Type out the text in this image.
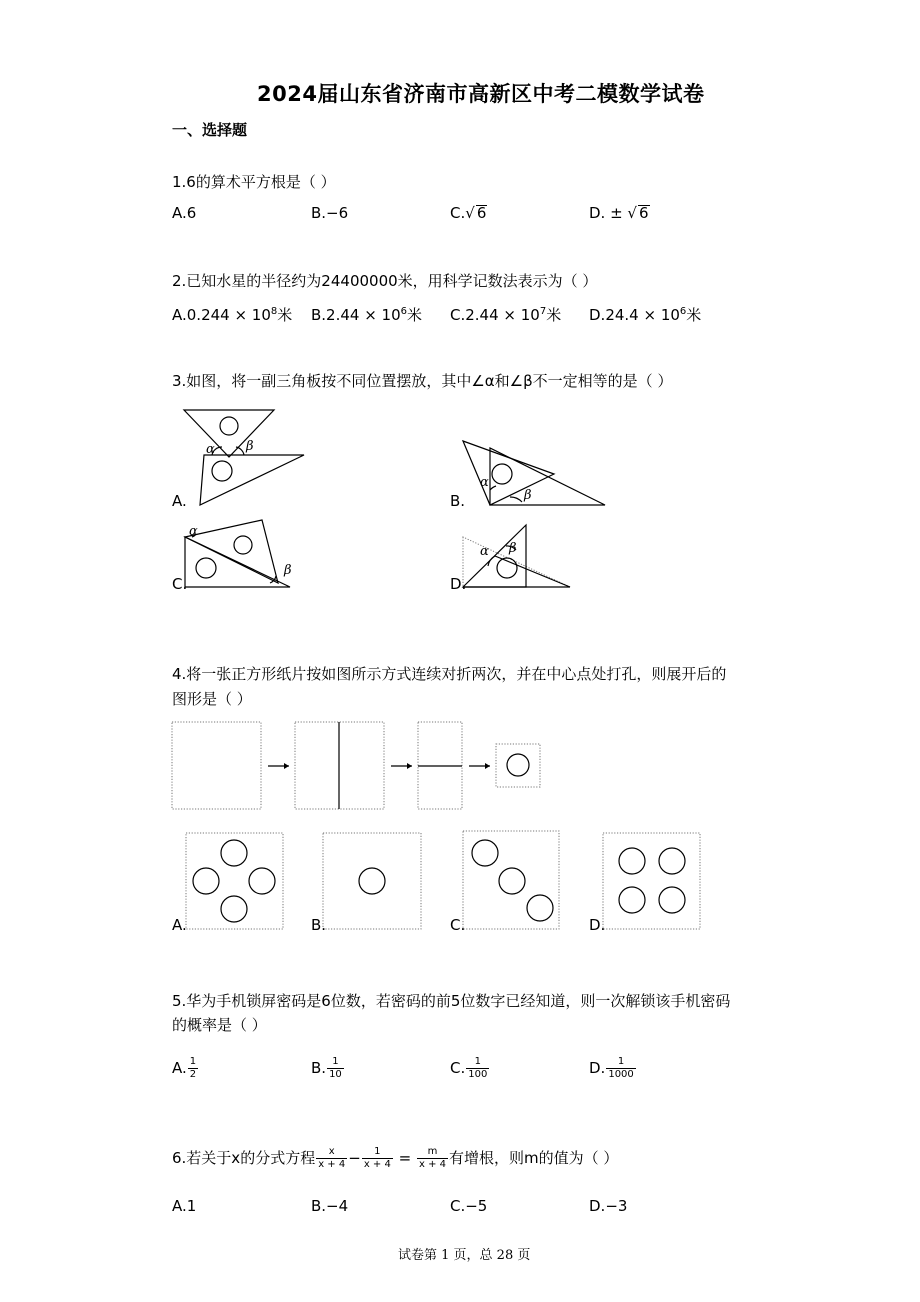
2024届山东省济南市高新区中考二模数学试卷
一、选择题
1.6的算术平方根是（ ）
A.6	B.−6	C.√ 6	D. ± √ 6
2.已知水星的半径约为24400000米，用科学记数法表示为（ ）
$A.0.244 \times 10^8$米 $B.2.44 \times 10^6$米 $C.2.44 \times 10^7$米 $D.24.4 \times 10^6$米
3.如图，将一副三角板按不同位置摆放，其中∠α和∠β不一定相等的是（ ）
α β
A.
α
β
B.
α
β
C.
α β
D.
4.将一张正方形纸片按如图所示方式连续对折两次，并在中心点处打孔，则展开后的
图形是（ ）
A.	B.	C.	D.
5.华为手机锁屏密码是6位数，若密码的前5位数字已经知道，则一次解锁该手机密码
的概率是（ ）
A. $\frac{1}{2}$	B. $\frac{1}{10}$	C. $\frac{1}{100}$	D. $\frac{1}{1000}$
6.若关于x的分式方程 $\frac{x}{x + 4} - \frac{1}{x + 4} = \frac{m}{x + 4}$ 有增根，则m的值为（ ）
A.1	B.−4	C.−5	D.−3
试卷第 1 页，总 28 页
